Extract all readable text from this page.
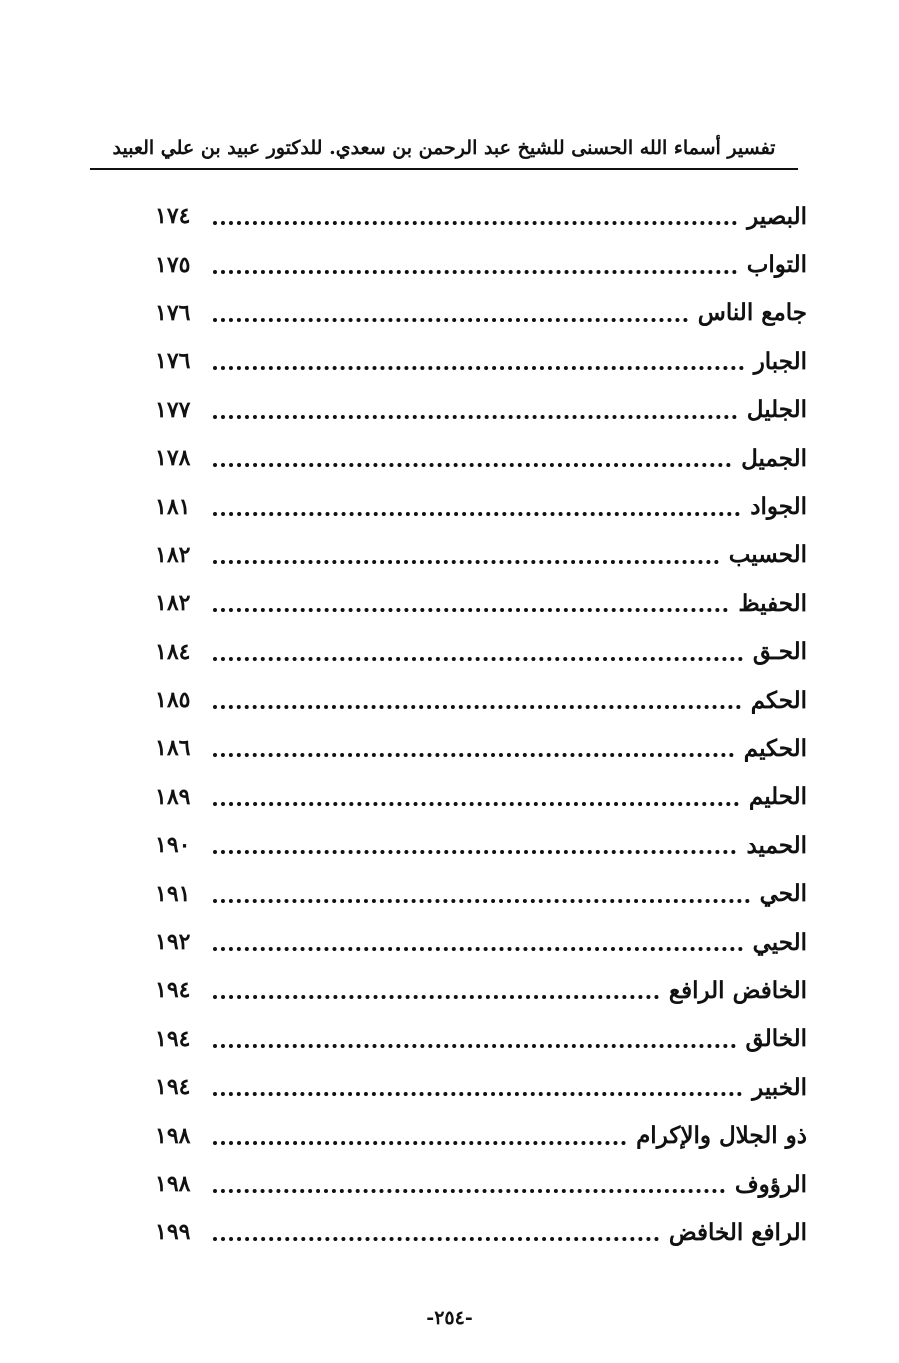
تفسير أسماء الله الحسنى للشيخ عبد الرحمن بن سعدي. للدكتور عبيد بن علي العبيد
البصير
١٧٤
التواب
١٧٥
جامع الناس
١٧٦
الجبار
١٧٦
الجليل
١٧٧
الجميل
١٧٨
الجواد
١٨١
الحسيب
١٨٢
الحفيظ
١٨٢
الحـق
١٨٤
الحكم
١٨٥
الحكيم
١٨٦
الحليم
١٨٩
الحميد
١٩٠
الحي
١٩١
الحيي
١٩٢
الخافض الرافع
١٩٤
الخالق
١٩٤
الخبير
١٩٤
ذو الجلال والإكرام
١٩٨
الرؤوف
١٩٨
الرافع الخافض
١٩٩
-٢٥٤-
